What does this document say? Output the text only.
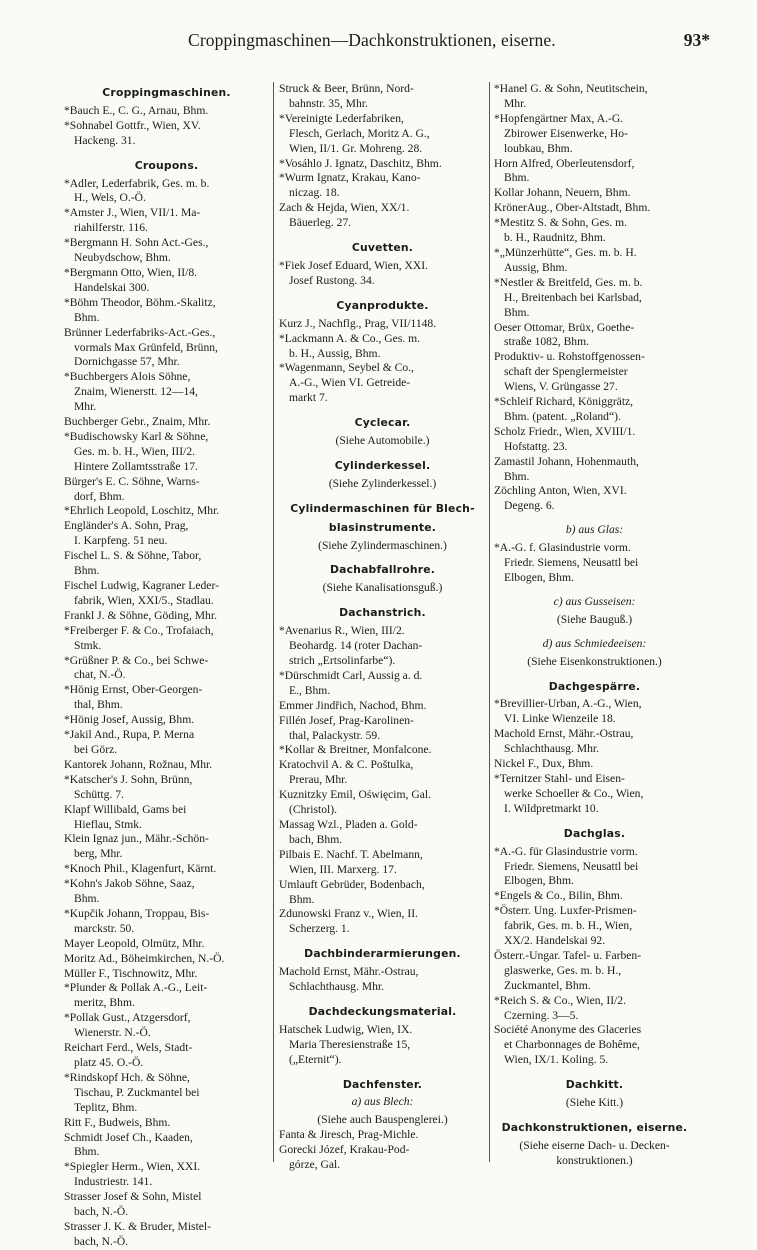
Croppingmaschinen—Dachkonstruktionen, eiserne.	93*
Croppingmaschinen.
*Bauch E., C. G., Arnau, Bhm.
*Sohnabel Gottfr., Wien, XV.
Hackeng. 31.
Croupons.
*Adler, Lederfabrik, Ges. m. b.
H., Wels, O.-Ö.
*Amster J., Wien, VII/1. Ma-
riahilferstr. 116.
*Bergmann H. Sohn Act.-Ges.,
Neubydschow, Bhm.
*Bergmann Otto, Wien, II/8.
Handelskai 300.
*Böhm Theodor, Böhm.-Skalitz,
Bhm.
Brünner Lederfabriks-Act.-Ges.,
vormals Max Grünfeld, Brünn,
Dornichgasse 57, Mhr.
*Buchbergers Alois Söhne,
Znaim, Wienerstt. 12—14,
Mhr.
Buchberger Gebr., Znaim, Mhr.
*Budischowsky Karl & Söhne,
Ges. m. b. H., Wien, III/2.
Hintere Zollamtsstraße 17.
Bürger's E. C. Söhne, Warns-
dorf, Bhm.
*Ehrlich Leopold, Loschitz, Mhr.
Engländer's A. Sohn, Prag,
I. Karpfeng. 51 neu.
Fischel L. S. & Söhne, Tabor,
Bhm.
Fischel Ludwig, Kagraner Leder-
fabrik, Wien, XXI/5., Stadlau.
Frankl J. & Söhne, Göding, Mhr.
*Freiberger F. & Co., Trofaiach,
Stmk.
*Grüßner P. & Co., bei Schwe-
chat, N.-Ö.
*Hönig Ernst, Ober-Georgen-
thal, Bhm.
*Hönig Josef, Aussig, Bhm.
*Jakil And., Rupa, P. Merna
bei Görz.
Kantorek Johann, Rožnau, Mhr.
*Katscher's J. Sohn, Brünn,
Schüttg. 7.
Klapf Willibald, Gams bei
Hieflau, Stmk.
Klein Ignaz jun., Mähr.-Schön-
berg, Mhr.
*Knoch Phil., Klagenfurt, Kärnt.
*Kohn's Jakob Söhne, Saaz,
Bhm.
*Kupčik Johann, Troppau, Bis-
marckstr. 50.
Mayer Leopold, Olmütz, Mhr.
Moritz Ad., Böheimkirchen, N.-Ö.
Müller F., Tischnowitz, Mhr.
*Plunder & Pollak A.-G., Leit-
meritz, Bhm.
*Pollak Gust., Atzgersdorf,
Wienerstr. N.-Ö.
Reichart Ferd., Wels, Stadt-
platz 45. O.-Ö.
*Rindskopf Hch. & Söhne,
Tischau, P. Zuckmantel bei
Teplitz, Bhm.
Ritt F., Budweis, Bhm.
Schmidt Josef Ch., Kaaden,
Bhm.
*Spiegler Herm., Wien, XXI.
Industriestr. 141.
Strasser Josef & Sohn, Mistel
bach, N.-Ö.
Strasser J. K. & Bruder, Mistel-
bach, N.-Ö.
Struck & Beer, Brünn, Nord-
bahnstr. 35, Mhr.
*Vereinigte Lederfabriken,
Flesch, Gerlach, Moritz A. G.,
Wien, II/1. Gr. Mohreng. 28.
*Vosáhlo J. Ignatz, Daschitz, Bhm.
*Wurm Ignatz, Krakau, Kano-
niczag. 18.
Zach & Hejda, Wien, XX/1.
Bäuerleg. 27.
Cuvetten.
*Fiek Josef Eduard, Wien, XXI.
Josef Rustong. 34.
Cyanprodukte.
Kurz J., Nachflg., Prag, VII/1148.
*Lackmann A. & Co., Ges. m.
b. H., Aussig, Bhm.
*Wagenmann, Seybel & Co.,
A.-G., Wien VI. Getreide-
markt 7.
Cyclecar.
(Siehe Automobile.)
Cylinderkessel.
(Siehe Zylinderkessel.)
Cylindermaschinen für Blech-
blasinstrumente.
(Siehe Zylindermaschinen.)
Dachabfallrohre.
(Siehe Kanalisationsguß.)
Dachanstrich.
*Avenarius R., Wien, III/2.
Beohardg. 14 (roter Dachan-
strich „Ertsolinfarbe“).
*Dürschmidt Carl, Aussig a. d.
E., Bhm.
Emmer Jindřich, Nachod, Bhm.
Fillén Josef, Prag-Karolinen-
thal, Palackystr. 59.
*Kollar & Breitner, Monfalcone.
Kratochvil A. & C. Poštulka,
Prerau, Mhr.
Kuznitzky Emil, Oświęcim, Gal.
(Christol).
Massag Wzl., Pladen a. Gold-
bach, Bhm.
Pilbais E. Nachf. T. Abelmann,
Wien, III. Marxerg. 17.
Umlauft Gebrüder, Bodenbach,
Bhm.
Zdunowski Franz v., Wien, II.
Scherzerg. 1.
Dachbinderarmierungen.
Machold Ernst, Mähr.-Ostrau,
Schlachthausg. Mhr.
Dachdeckungsmaterial.
Hatschek Ludwig, Wien, IX.
Maria Theresienstraße 15,
(„Eternit“).
Dachfenster.
a) aus Blech:
(Siehe auch Bauspenglerei.)
Fanta & Jiresch, Prag-Michle.
Gorecki Józef, Krakau-Pod-
górze, Gal.
*Hanel G. & Sohn, Neutitschein,
Mhr.
*Hopfengärtner Max, A.-G.
Zbirower Eisenwerke, Ho-
loubkau, Bhm.
Horn Alfred, Oberleutensdorf,
Bhm.
Kollar Johann, Neuern, Bhm.
KrönerAug., Ober-Altstadt, Bhm.
*Mestitz S. & Sohn, Ges. m.
b. H., Raudnitz, Bhm.
*„Münzerhütte“, Ges. m. b. H.
Aussig, Bhm.
*Nestler & Breitfeld, Ges. m. b.
H., Breitenbach bei Karlsbad,
Bhm.
Oeser Ottomar, Brüx, Goethe-
straße 1082, Bhm.
Produktiv- u. Rohstoffgenossen-
schaft der Spenglermeister
Wiens, V. Grüngasse 27.
*Schleif Richard, Königgrätz,
Bhm. (patent. „Roland“).
Scholz Friedr., Wien, XVIII/1.
Hofstattg. 23.
Zamastil Johann, Hohenmauth,
Bhm.
Zöchling Anton, Wien, XVI.
Degeng. 6.
b) aus Glas:
*A.-G. f. Glasindustrie vorm.
Friedr. Siemens, Neusattl bei
Elbogen, Bhm.
c) aus Gusseisen:
(Siehe Bauguß.)
d) aus Schmiedeeisen:
(Siehe Eisenkonstruktionen.)
Dachgespärre.
*Brevillier-Urban, A.-G., Wien,
VI. Linke Wienzeile 18.
Machold Ernst, Mähr.-Ostrau,
Schlachthausg. Mhr.
Nickel F., Dux, Bhm.
*Ternitzer Stahl- und Eisen-
werke Schoeller & Co., Wien,
I. Wildpretmarkt 10.
Dachglas.
*A.-G. für Glasindustrie vorm.
Friedr. Siemens, Neusattl bei
Elbogen, Bhm.
*Engels & Co., Bilin, Bhm.
*Österr. Ung. Luxfer-Prismen-
fabrik, Ges. m. b. H., Wien,
XX/2. Handelskai 92.
Österr.-Ungar. Tafel- u. Farben-
glaswerke, Ges. m. b. H.,
Zuckmantel, Bhm.
*Reich S. & Co., Wien, II/2.
Czerning. 3—5.
Société Anonyme des Glaceries
et Charbonnages de Bohême,
Wien, IX/1. Koling. 5.
Dachkitt.
(Siehe Kitt.)
Dachkonstruktionen, eiserne.
(Siehe eiserne Dach- u. Decken-
konstruktionen.)
